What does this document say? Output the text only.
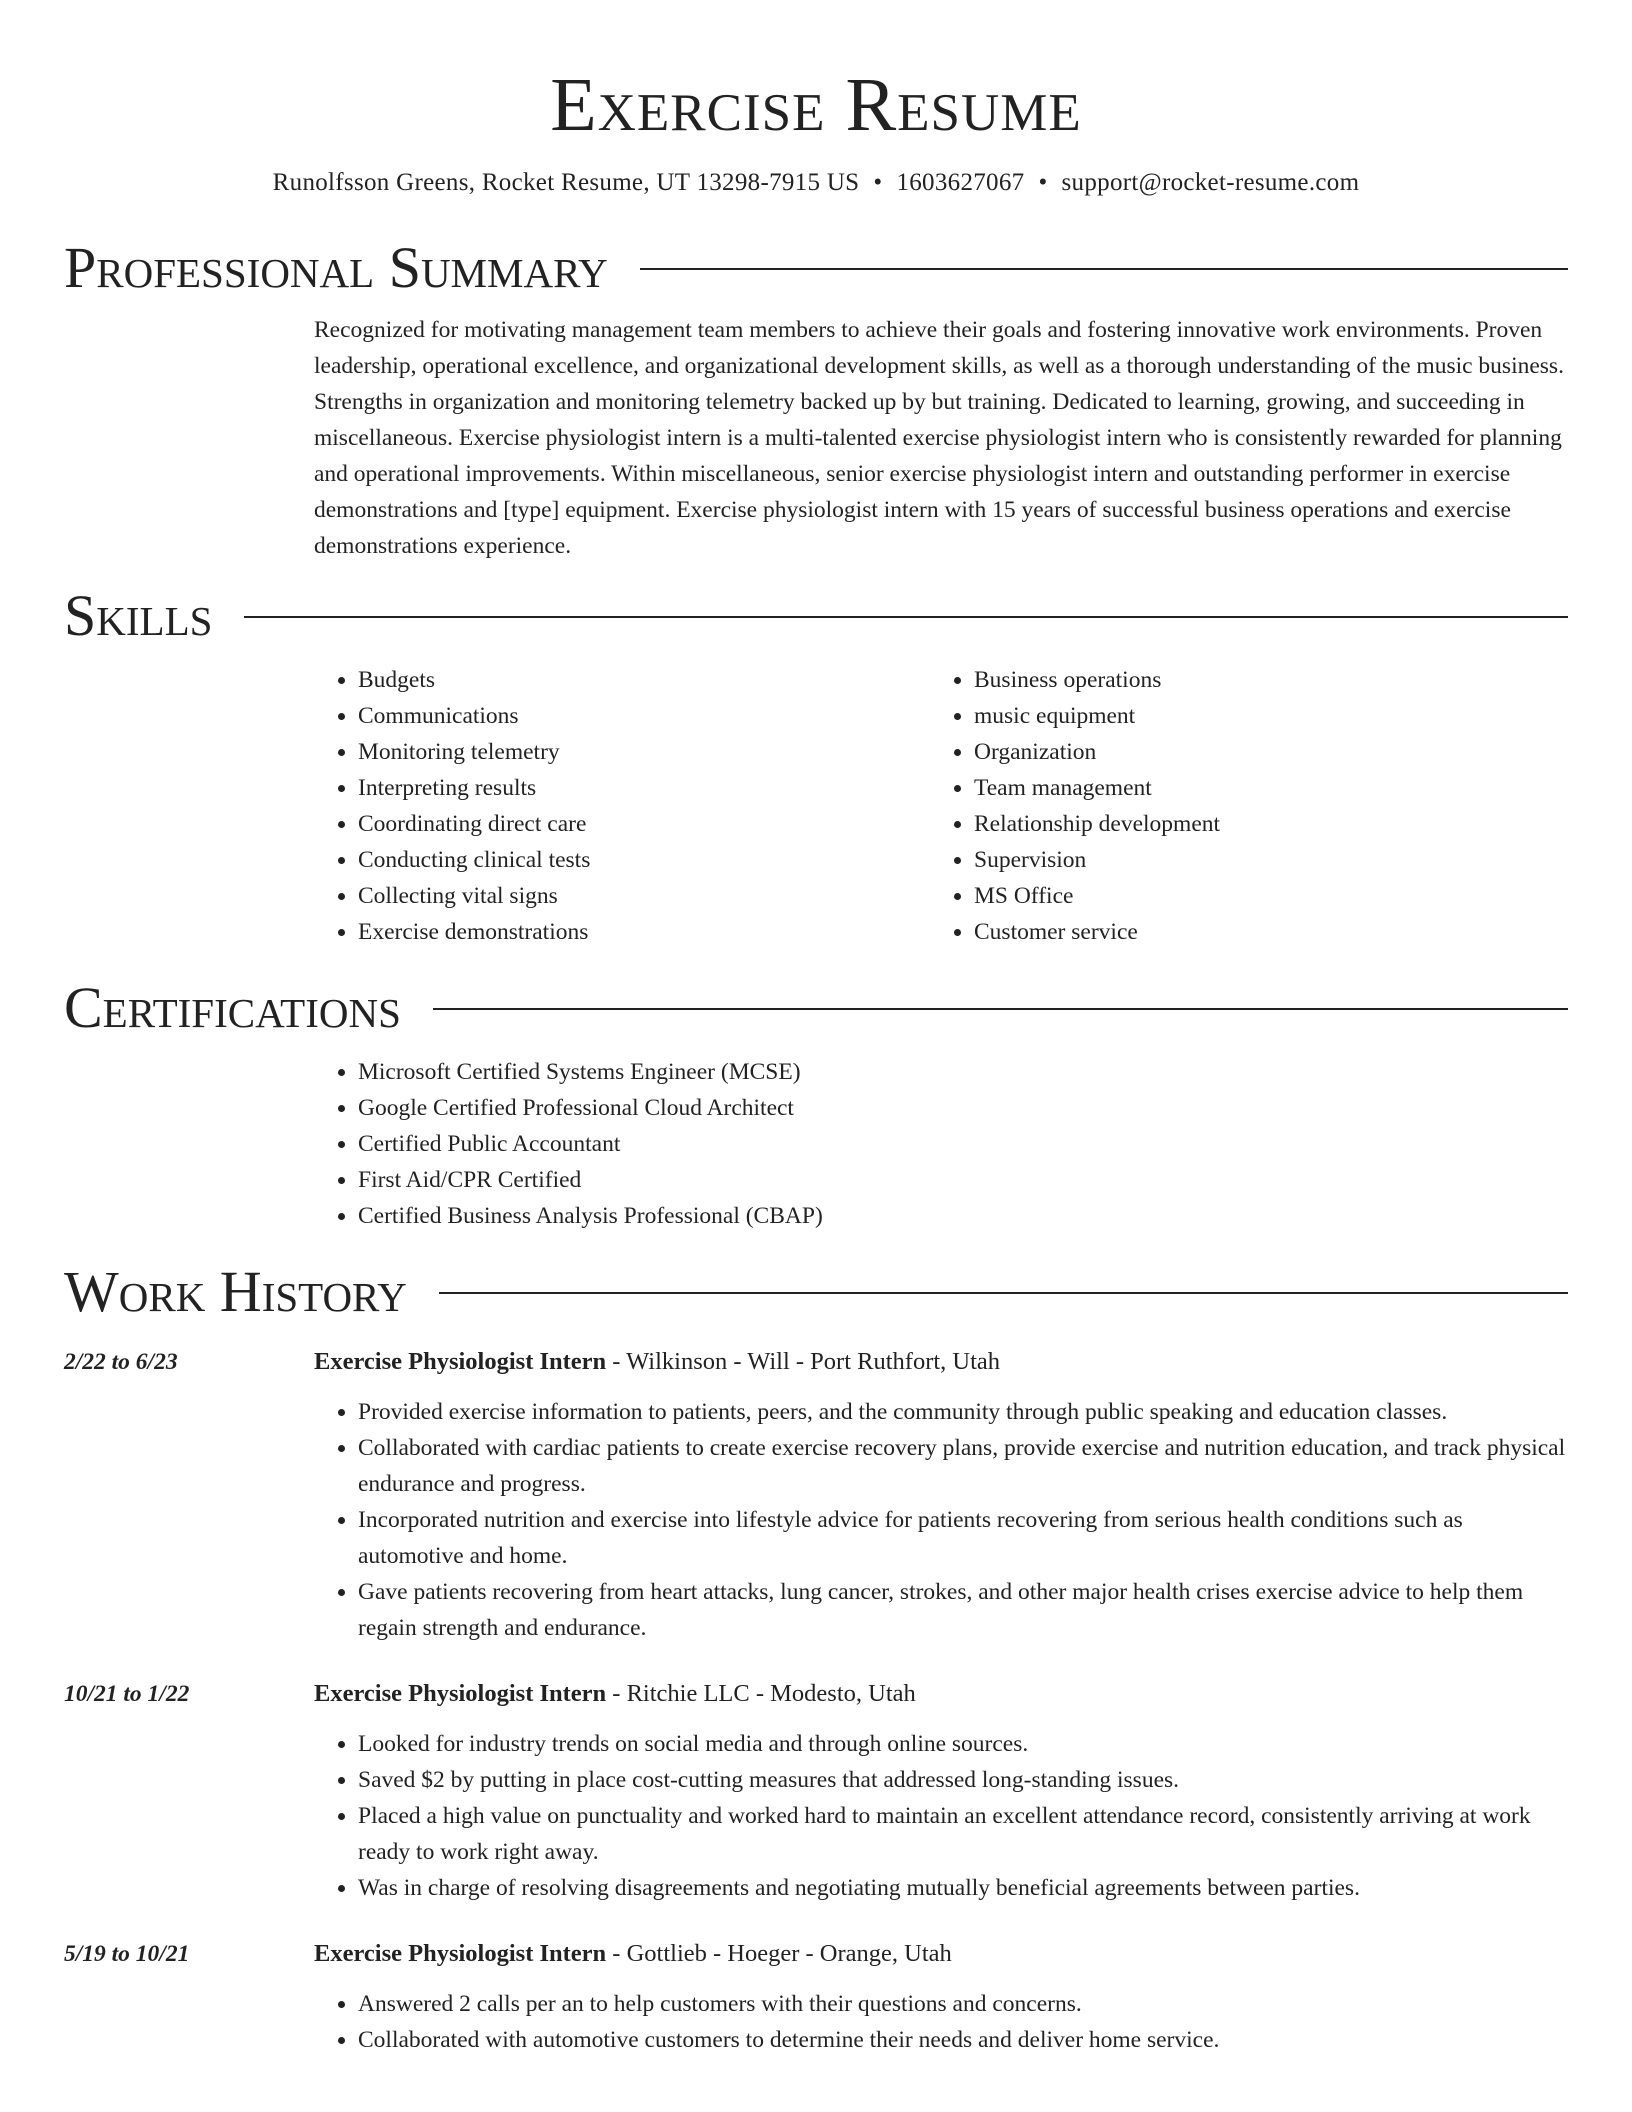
Exercise Resume
Runolfsson Greens, Rocket Resume, UT 13298-7915 US • 1603627067 • support@rocket-resume.com
Professional Summary
Recognized for motivating management team members to achieve their goals and fostering innovative work environments. Proven leadership, operational excellence, and organizational development skills, as well as a thorough understanding of the music business. Strengths in organization and monitoring telemetry backed up by but training. Dedicated to learning, growing, and succeeding in miscellaneous. Exercise physiologist intern is a multi-talented exercise physiologist intern who is consistently rewarded for planning and operational improvements. Within miscellaneous, senior exercise physiologist intern and outstanding performer in exercise demonstrations and [type] equipment. Exercise physiologist intern with 15 years of successful business operations and exercise demonstrations experience.
Skills
• Budgets
• Communications
• Monitoring telemetry
• Interpreting results
• Coordinating direct care
• Conducting clinical tests
• Collecting vital signs
• Exercise demonstrations
• Business operations
• music equipment
• Organization
• Team management
• Relationship development
• Supervision
• MS Office
• Customer service
Certifications
• Microsoft Certified Systems Engineer (MCSE)
• Google Certified Professional Cloud Architect
• Certified Public Accountant
• First Aid/CPR Certified
• Certified Business Analysis Professional (CBAP)
Work History
2/22 to 6/23	Exercise Physiologist Intern - Wilkinson - Will - Port Ruthfort, Utah
• Provided exercise information to patients, peers, and the community through public speaking and education classes.
• Collaborated with cardiac patients to create exercise recovery plans, provide exercise and nutrition education, and track physical endurance and progress.
• Incorporated nutrition and exercise into lifestyle advice for patients recovering from serious health conditions such as automotive and home.
• Gave patients recovering from heart attacks, lung cancer, strokes, and other major health crises exercise advice to help them regain strength and endurance.
10/21 to 1/22	Exercise Physiologist Intern - Ritchie LLC - Modesto, Utah
• Looked for industry trends on social media and through online sources.
• Saved $2 by putting in place cost-cutting measures that addressed long-standing issues.
• Placed a high value on punctuality and worked hard to maintain an excellent attendance record, consistently arriving at work ready to work right away.
• Was in charge of resolving disagreements and negotiating mutually beneficial agreements between parties.
5/19 to 10/21	Exercise Physiologist Intern - Gottlieb - Hoeger - Orange, Utah
• Answered 2 calls per an to help customers with their questions and concerns.
• Collaborated with automotive customers to determine their needs and deliver home service.
